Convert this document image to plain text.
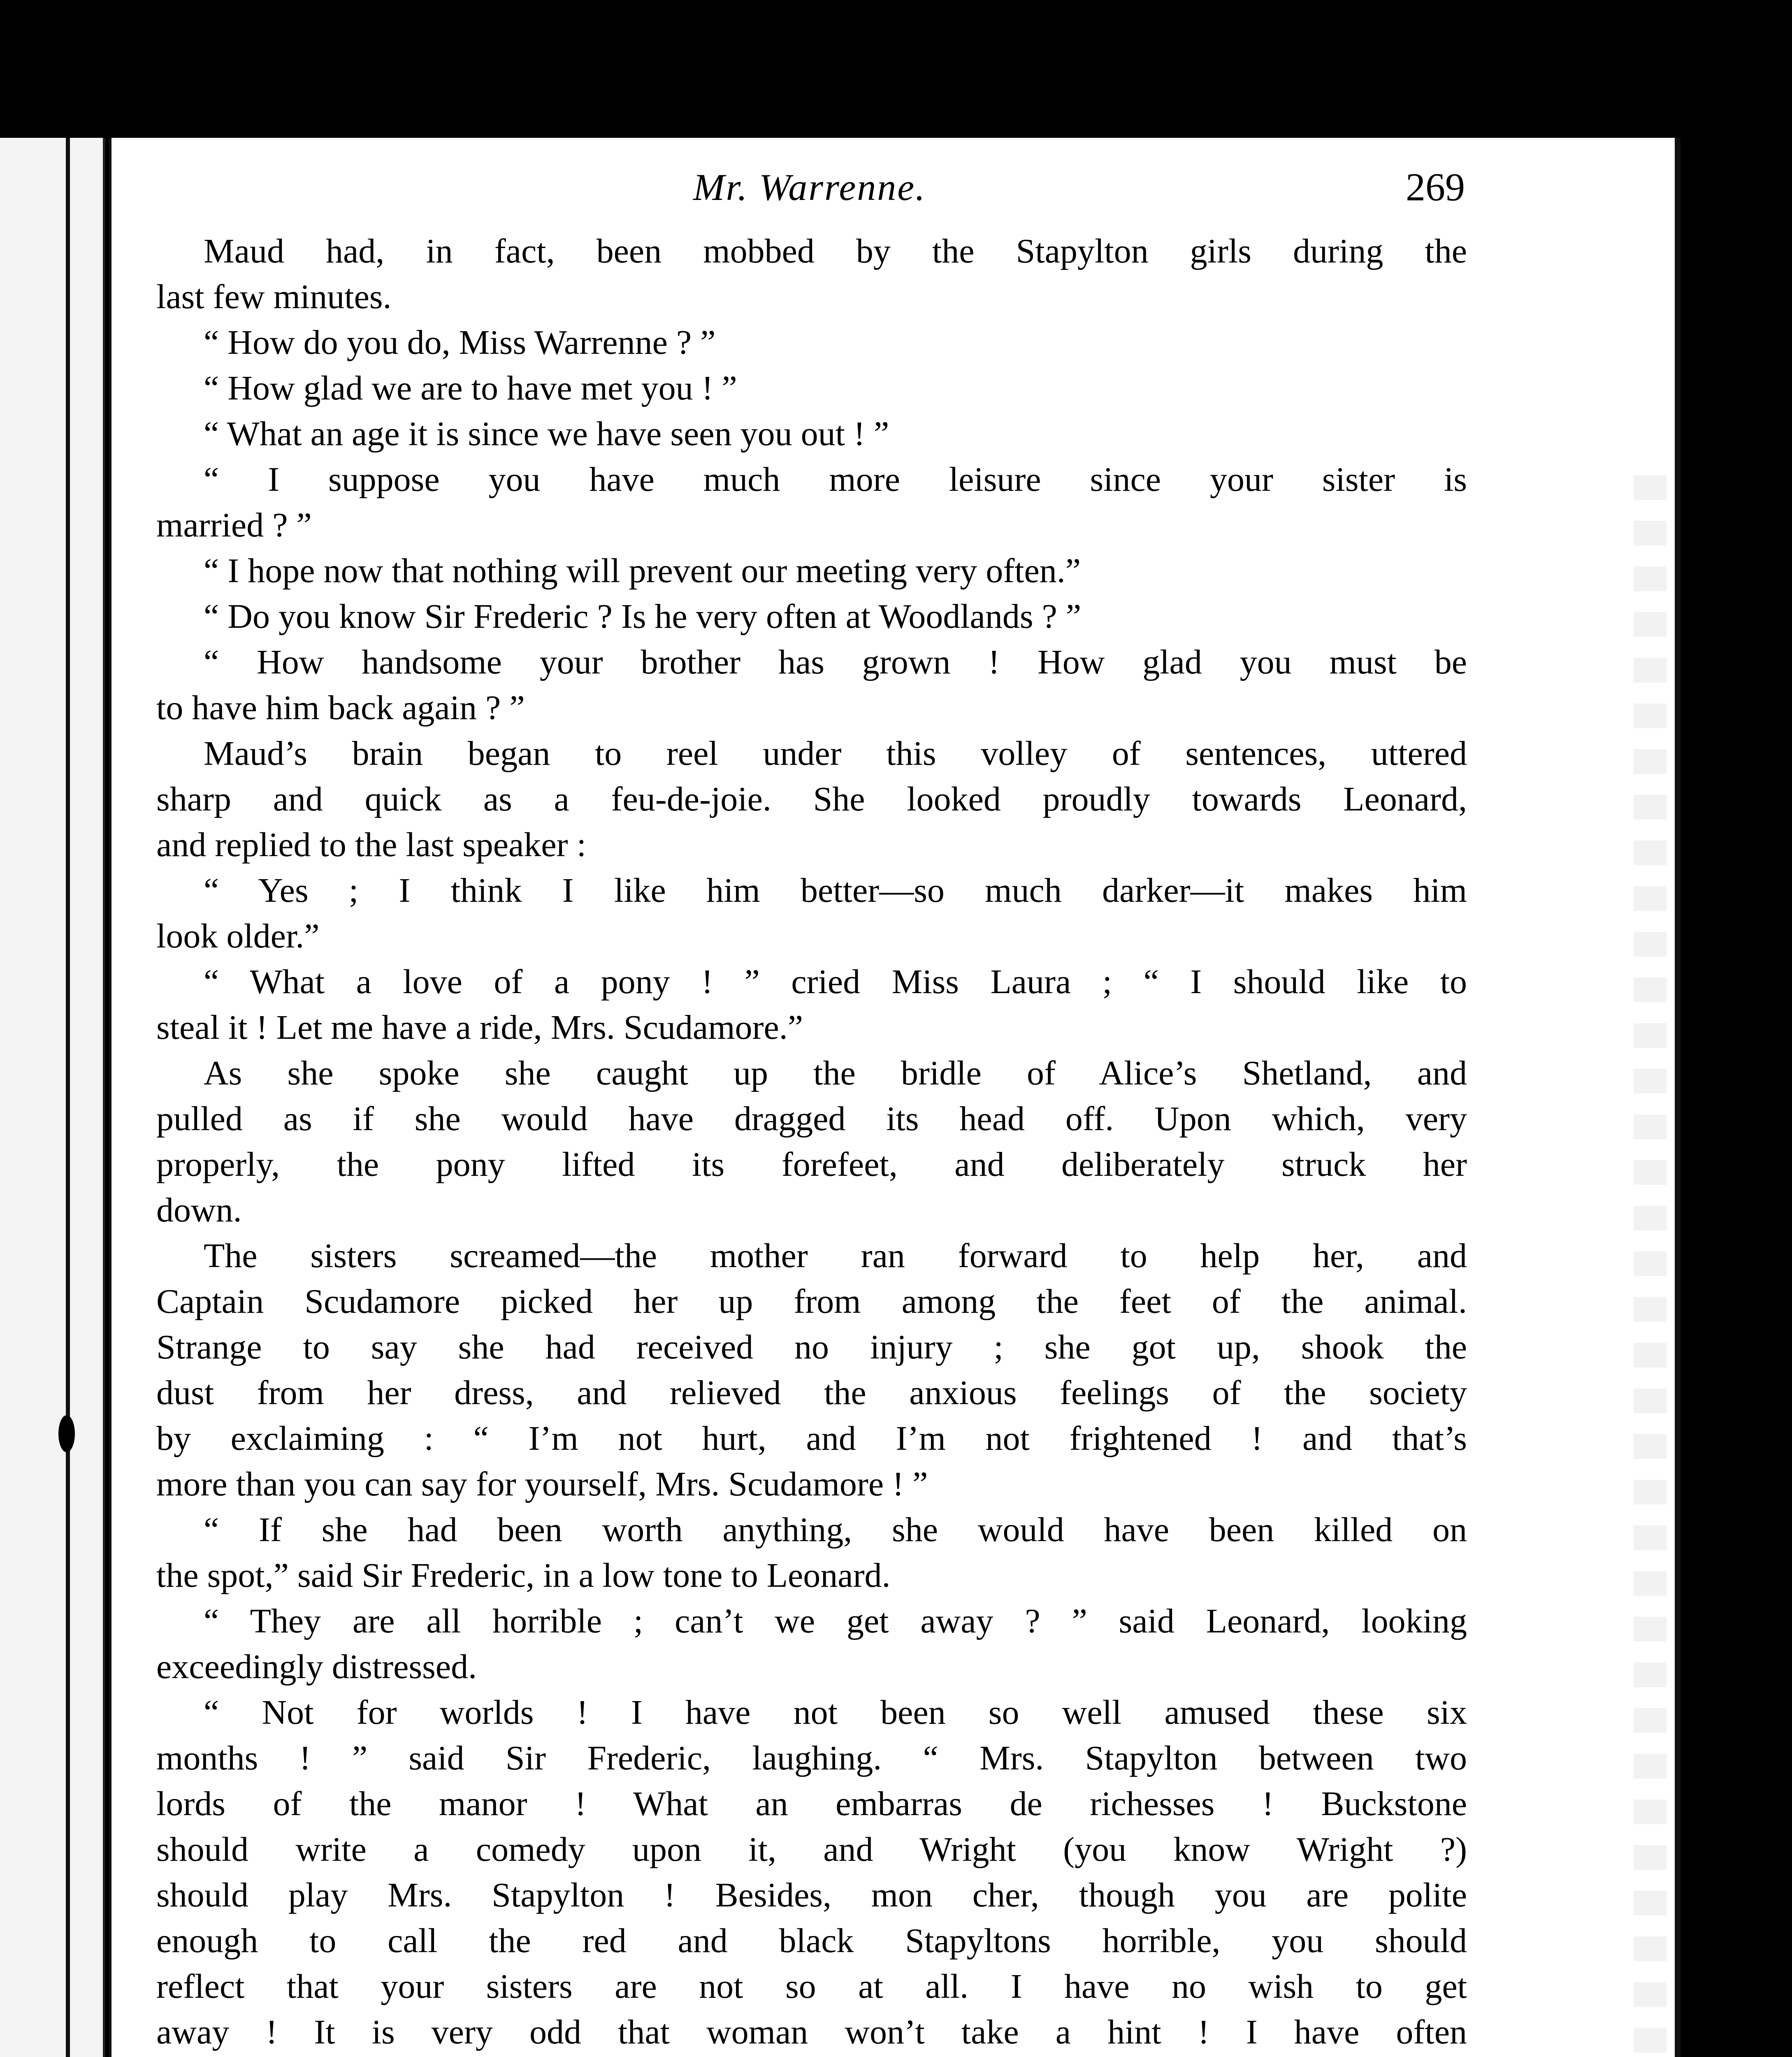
Mr. Warrenne.	269
Maud had, in fact, been mobbed by the Stapylton girls during the
last few minutes.
“ How do you do, Miss Warrenne ? ”
“ How glad we are to have met you ! ”
“ What an age it is since we have seen you out ! ”
“ I suppose you have much more leisure since your sister is
married ? ”
“ I hope now that nothing will prevent our meeting very often.”
“ Do you know Sir Frederic ? Is he very often at Woodlands ? ”
“ How handsome your brother has grown ! How glad you must be
to have him back again ? ”
Maud’s brain began to reel under this volley of sentences, uttered
sharp and quick as a feu-de-joie. She looked proudly towards Leonard,
and replied to the last speaker :
“ Yes ; I think I like him better—so much darker—it makes him
look older.”
“ What a love of a pony ! ” cried Miss Laura ; “ I should like to
steal it ! Let me have a ride, Mrs. Scudamore.”
As she spoke she caught up the bridle of Alice’s Shetland, and
pulled as if she would have dragged its head off. Upon which, very
properly, the pony lifted its forefeet, and deliberately struck her
down.
The sisters screamed—the mother ran forward to help her, and
Captain Scudamore picked her up from among the feet of the animal.
Strange to say she had received no injury ; she got up, shook the
dust from her dress, and relieved the anxious feelings of the society
by exclaiming : “ I’m not hurt, and I’m not frightened ! and that’s
more than you can say for yourself, Mrs. Scudamore ! ”
“ If she had been worth anything, she would have been killed on
the spot,” said Sir Frederic, in a low tone to Leonard.
“ They are all horrible ; can’t we get away ? ” said Leonard, looking
exceedingly distressed.
“ Not for worlds ! I have not been so well amused these six
months ! ” said Sir Frederic, laughing. “ Mrs. Stapylton between two
lords of the manor ! What an embarras de richesses ! Buckstone
should write a comedy upon it, and Wright (you know Wright ?)
should play Mrs. Stapylton ! Besides, mon cher, though you are polite
enough to call the red and black Stapyltons horrible, you should
reflect that your sisters are not so at all. I have no wish to get
away ! It is very odd that woman won’t take a hint ! I have often
